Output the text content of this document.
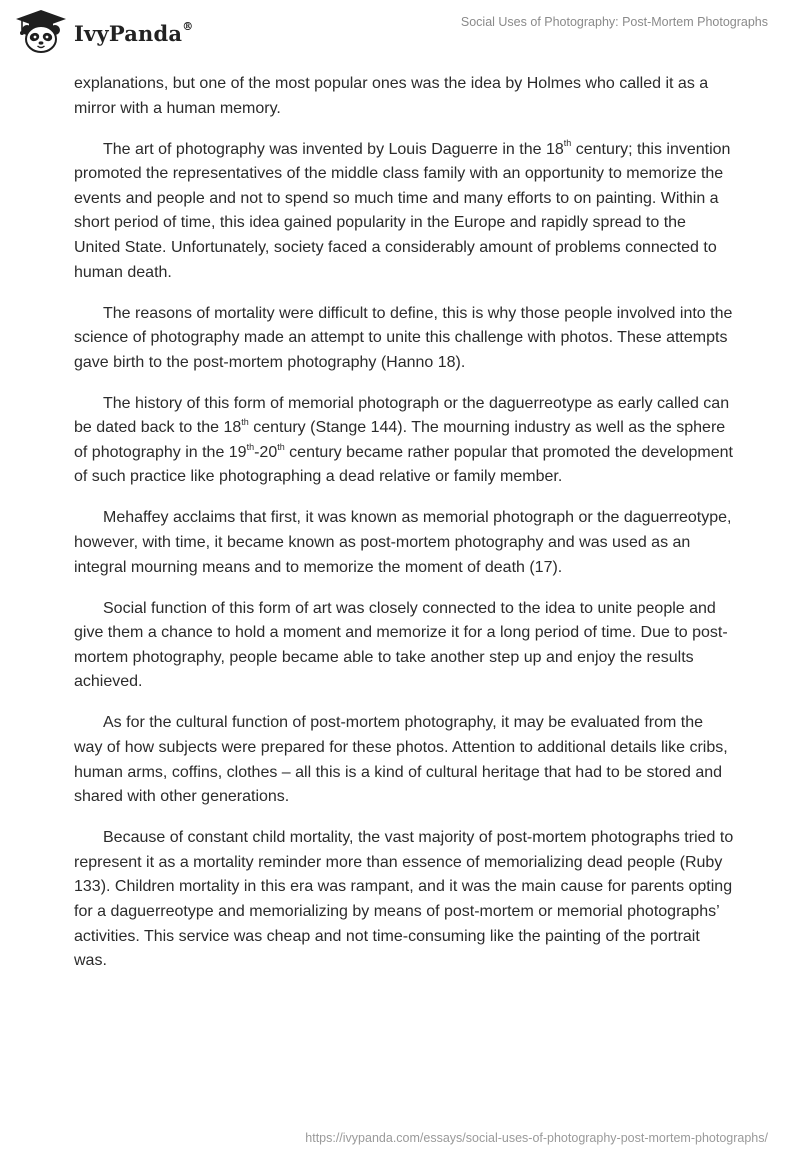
IvyPanda®	Social Uses of Photography: Post-Mortem Photographs

explanations, but one of the most popular ones was the idea by Holmes who called it as a mirror with a human memory.

The art of photography was invented by Louis Daguerre in the 18th century; this invention promoted the representatives of the middle class family with an opportunity to memorize the events and people and not to spend so much time and many efforts to on painting. Within a short period of time, this idea gained popularity in the Europe and rapidly spread to the United State. Unfortunately, society faced a considerably amount of problems connected to human death.

The reasons of mortality were difficult to define, this is why those people involved into the science of photography made an attempt to unite this challenge with photos. These attempts gave birth to the post-mortem photography (Hanno 18).

The history of this form of memorial photograph or the daguerreotype as early called can be dated back to the 18th century (Stange 144). The mourning industry as well as the sphere of photography in the 19th-20th century became rather popular that promoted the development of such practice like photographing a dead relative or family member.

Mehaffey acclaims that first, it was known as memorial photograph or the daguerreotype, however, with time, it became known as post-mortem photography and was used as an integral mourning means and to memorize the moment of death (17).

Social function of this form of art was closely connected to the idea to unite people and give them a chance to hold a moment and memorize it for a long period of time. Due to post-mortem photography, people became able to take another step up and enjoy the results achieved.

As for the cultural function of post-mortem photography, it may be evaluated from the way of how subjects were prepared for these photos. Attention to additional details like cribs, human arms, coffins, clothes – all this is a kind of cultural heritage that had to be stored and shared with other generations.

Because of constant child mortality, the vast majority of post-mortem photographs tried to represent it as a mortality reminder more than essence of memorializing dead people (Ruby 133). Children mortality in this era was rampant, and it was the main cause for parents opting for a daguerreotype and memorializing by means of post-mortem or memorial photographs’ activities. This service was cheap and not time-consuming like the painting of the portrait was.

https://ivypanda.com/essays/social-uses-of-photography-post-mortem-photographs/
